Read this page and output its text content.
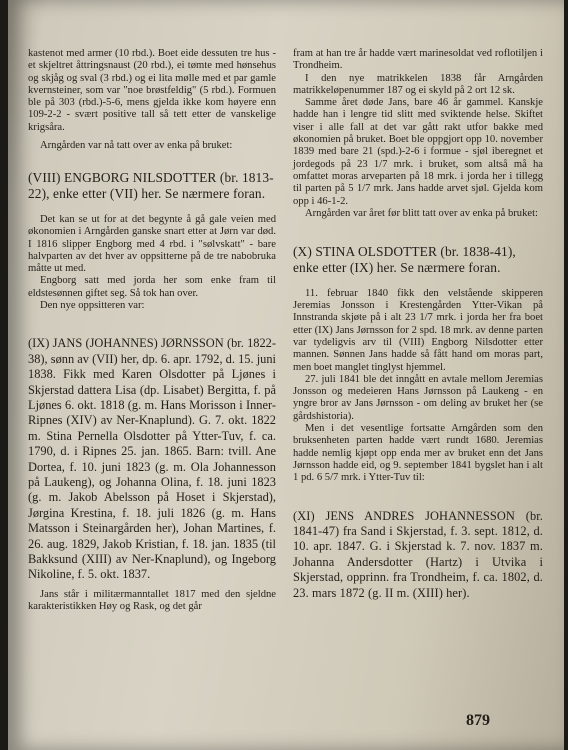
kastenot med armer (10 rbd.). Boet eide dessuten tre hus - et skjeltret åttringsnaust (20 rbd.), ei tømte med hønsehus og skjåg og sval (3 rbd.) og ei lita mølle med et par gamle kvernsteiner, som var "noe brøstfeldig" (5 rbd.). Formuen ble på 303 (rbd.)-5-6, mens gjelda ikke kom høyere enn 109-2-2 - svært positive tall så tett etter de vanskelige krigsåra.

Arngården var nå tatt over av enka på bruket:

(VIII) ENGBORG NILSDOTTER (br. 1813-22), enke etter (VII) her. Se nærmere foran.

Det kan se ut for at det begynte å gå gale veien med økonomien i Arngården ganske snart etter at Jørn var død. I 1816 slipper Engborg med 4 rbd. i "sølvskatt" - bare halvparten av det hver av oppsitterne på de tre nabobruka måtte ut med.

Engborg satt med jorda her som enke fram til eldstesønnen giftet seg. Så tok han over.

Den nye oppsitteren var:

(IX) JANS (JOHANNES) JØRNSSON (br. 1822-38), sønn av (VII) her, dp. 6. apr. 1792, d. 15. juni 1838. Fikk med Karen Olsdotter på Ljønes i Skjerstad dattera Lisa (dp. Lisabet) Bergitta, f. på Ljønes 6. okt. 1818 (g. m. Hans Morisson i Inner-Ripnes (XIV) av Ner-Knaplund). G. 7. okt. 1822 m. Stina Pernella Olsdotter på Ytter-Tuv, f. ca. 1790, d. i Ripnes 25. jan. 1865. Barn: tvill. Ane Dortea, f. 10. juni 1823 (g. m. Ola Johannesson på Laukeng), og Johanna Olina, f. 18. juni 1823 (g. m. Jakob Abelsson på Hoset i Skjerstad), Jørgina Krestina, f. 18. juli 1826 (g. m. Hans Matsson i Steinargården her), Johan Martines, f. 26. aug. 1829, Jakob Kristian, f. 18. jan. 1835 (til Bakksund (XIII) av Ner-Knaplund), og Ingeborg Nikoline, f. 5. okt. 1837.

Jans står i militærmanntallet 1817 med den sjeldne karakteristikken Høy og Rask, og det går

fram at han tre år hadde vært marinesoldat ved roflotiljen i Trondheim.

I den nye matrikkelen 1838 får Arngården matrikkeløpenummer 187 og ei skyld på 2 ort 12 sk.

Samme året døde Jans, bare 46 år gammel. Kanskje hadde han i lengre tid slitt med sviktende helse. Skiftet viser i alle fall at det var gått rakt utfor bakke med økonomien på bruket. Boet ble oppgjort opp 10. november 1839 med bare 21 (spd.)-2-6 i formue - sjøl iberegnet et jordegods på 23 1/7 mrk. i bruket, som altså må ha omfattet moras arveparten på 18 mrk. i jorda her i tillegg til parten på 5 1/7 mrk. Jans hadde arvet sjøl. Gjelda kom opp i 46-1-2.

Arngården var året før blitt tatt over av enka på bruket:

(X) STINA OLSDOTTER (br. 1838-41), enke etter (IX) her. Se nærmere foran.

11. februar 1840 fikk den velstående skipperen Jeremias Jonsson i Krestengården Ytter-Vikan på Innstranda skjøte på i alt 23 1/7 mrk. i jorda her fra boet etter (IX) Jans Jørnsson for 2 spd. 18 mrk. av denne parten var tydeligvis arv til (VIII) Engborg Nilsdotter etter mannen. Sønnen Jans hadde så fått hand om moras part, men boet manglet tinglyst hjemmel.

27. juli 1841 ble det inngått en avtale mellom Jeremias Jonsson og medeieren Hans Jørnsson på Laukeng - en yngre bror av Jans Jørnsson - om deling av bruket her (se gårdshistoria).

Men i det vesentlige fortsatte Arngården som den bruksenheten parten hadde vært rundt 1680. Jeremias hadde nemlig kjøpt opp enda mer av bruket enn det Jans Jørnsson hadde eid, og 9. september 1841 bygslet han i alt 1 pd. 6 5/7 mrk. i Ytter-Tuv til:

(XI) JENS ANDRES JOHANNESSON (br. 1841-47) fra Sand i Skjerstad, f. 3. sept. 1812, d. 10. apr. 1847. G. i Skjerstad k. 7. nov. 1837 m. Johanna Andersdotter (Hartz) i Utvika i Skjerstad, opprinn. fra Trondheim, f. ca. 1802, d. 23. mars 1872 (g. II m. (XIII) her).
879
